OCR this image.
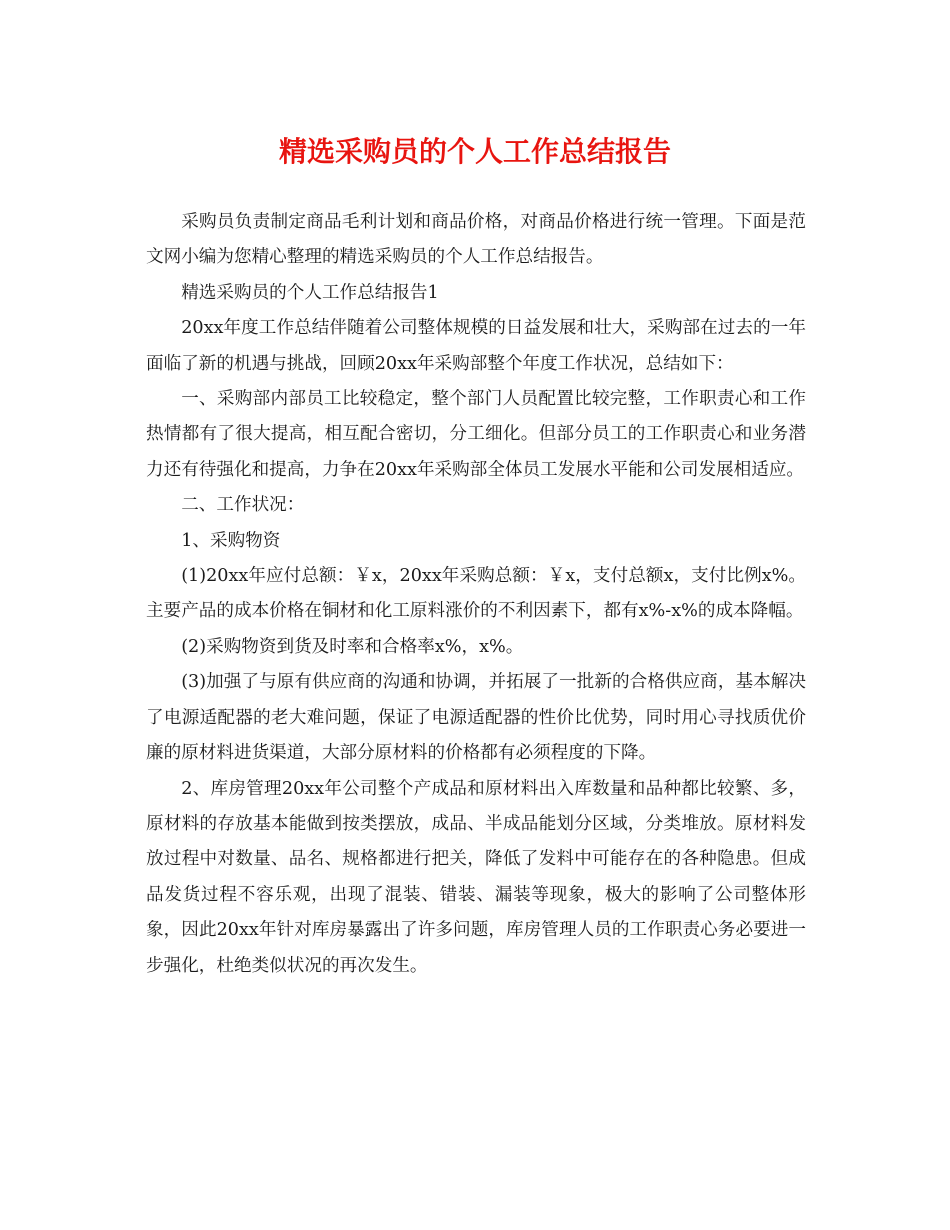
精选采购员的个人工作总结报告

采购员负责制定商品毛利计划和商品价格，对商品价格进行统一管理。下面是范文网小编为您精心整理的精选采购员的个人工作总结报告。

精选采购员的个人工作总结报告1

20xx年度工作总结伴随着公司整体规模的日益发展和壮大，采购部在过去的一年面临了新的机遇与挑战，回顾20xx年采购部整个年度工作状况，总结如下：

一、采购部内部员工比较稳定，整个部门人员配置比较完整，工作职责心和工作热情都有了很大提高，相互配合密切，分工细化。但部分员工的工作职责心和业务潜力还有待强化和提高，力争在20xx年采购部全体员工发展水平能和公司发展相适应。

二、工作状况：

1、采购物资

(1)20xx年应付总额：￥x，20xx年采购总额：￥x，支付总额x，支付比例x%。主要产品的成本价格在铜材和化工原料涨价的不利因素下，都有x%-x%的成本降幅。

(2)采购物资到货及时率和合格率x%，x%。

(3)加强了与原有供应商的沟通和协调，并拓展了一批新的合格供应商，基本解决了电源适配器的老大难问题，保证了电源适配器的性价比优势，同时用心寻找质优价廉的原材料进货渠道，大部分原材料的价格都有必须程度的下降。

2、库房管理20xx年公司整个产成品和原材料出入库数量和品种都比较繁、多，原材料的存放基本能做到按类摆放，成品、半成品能划分区域，分类堆放。原材料发放过程中对数量、品名、规格都进行把关，降低了发料中可能存在的各种隐患。但成品发货过程不容乐观，出现了混装、错装、漏装等现象，极大的影响了公司整体形象，因此20xx年针对库房暴露出了许多问题，库房管理人员的工作职责心务必要进一步强化，杜绝类似状况的再次发生。
